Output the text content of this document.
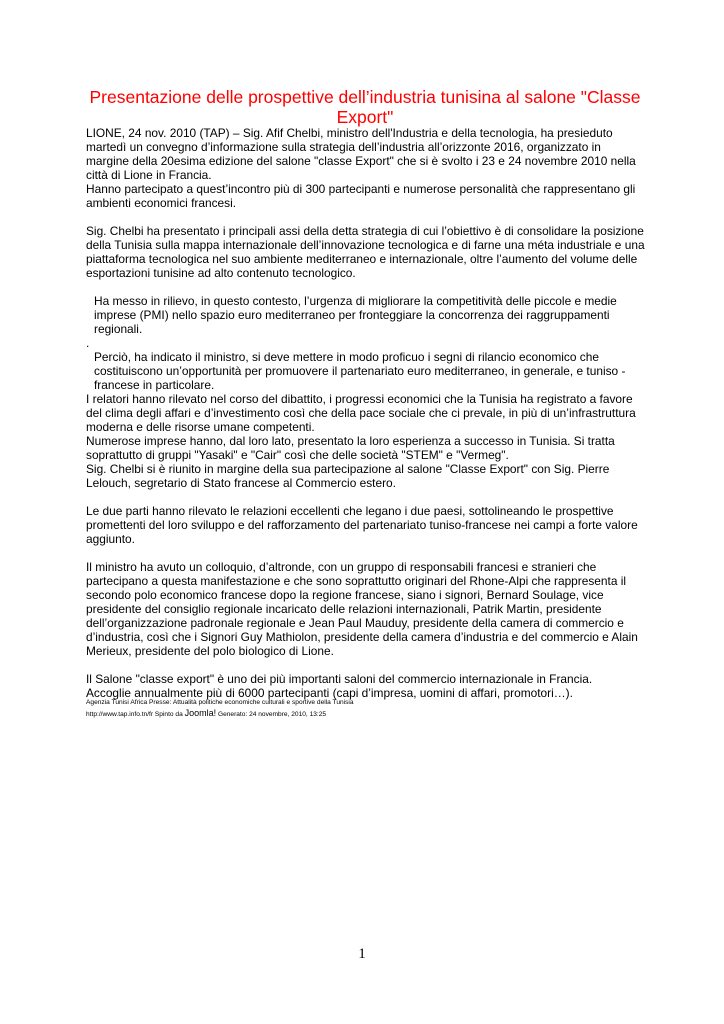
Presentazione delle prospettive dell’industria tunisina al salone "Classe Export"

LIONE, 24 nov. 2010 (TAP) – Sig. Afif Chelbi, ministro dell'Industria e della tecnologia, ha presieduto martedì un convegno d’informazione sulla strategia dell’industria all’orizzonte 2016, organizzato in margine della 20esima edizione del salone "classe Export" che si è svolto i 23 e 24 novembre 2010 nella città di Lione in Francia.

Hanno partecipato a quest’incontro più di 300 partecipanti e numerose personalità che rappresentano gli ambienti economici francesi.

Sig. Chelbi ha presentato i principali assi della detta strategia di cui l’obiettivo è di consolidare la posizione della Tunisia sulla mappa internazionale dell’innovazione tecnologica e di farne una méta industriale e una piattaforma tecnologica nel suo ambiente mediterraneo e internazionale, oltre l’aumento del volume delle esportazioni tunisine ad alto contenuto tecnologico.

Ha messo in rilievo, in questo contesto, l’urgenza di migliorare la competitività delle piccole e medie imprese (PMI) nello spazio euro mediterraneo per fronteggiare la concorrenza dei raggruppamenti regionali.

.

Perciò, ha indicato il ministro, si deve mettere in modo proficuo i segni di rilancio economico che costituiscono un’opportunità per promuovere il partenariato euro mediterraneo, in generale, e tuniso - francese in particolare.

I relatori hanno rilevato nel corso del dibattito, i progressi economici che la Tunisia ha registrato a favore del clima degli affari e d’investimento così che della pace sociale che ci prevale, in più di un’infrastruttura moderna e delle risorse umane competenti.

Numerose imprese hanno, dal loro lato, presentato la loro esperienza a successo in Tunisia. Si tratta soprattutto di gruppi "Yasaki" e "Cair" così che delle società "STEM" e "Vermeg".

Sig. Chelbi si è riunito in margine della sua partecipazione al salone "Classe Export" con Sig. Pierre Lelouch, segretario di Stato francese al Commercio estero.

Le due parti hanno rilevato le relazioni eccellenti che legano i due paesi, sottolineando le prospettive promettenti del loro sviluppo e del rafforzamento del partenariato tuniso-francese nei campi a forte valore aggiunto.

Il ministro ha avuto un colloquio, d’altronde, con un gruppo di responsabili francesi e stranieri che partecipano a questa manifestazione e che sono soprattutto originari del Rhone-Alpi che rappresenta il secondo polo economico francese dopo la regione francese, siano i signori, Bernard Soulage, vice presidente del consiglio regionale incaricato delle relazioni internazionali, Patrik Martin, presidente dell’organizzazione padronale regionale e Jean Paul Mauduy, presidente della camera di commercio e d’industria, così che i Signori Guy Mathiolon, presidente della camera d’industria e del commercio e Alain Merieux, presidente del polo biologico di Lione.

Il Salone "classe export" è uno dei più importanti saloni del commercio internazionale in Francia.

Accoglie annualmente più di 6000 partecipanti (capi d’impresa, uomini di affari, promotori…).

Agenzia Tunisi Africa Presse: Attualità politiche economiche culturali e sportive della Tunisia
http://www.tap.info.tn/fr Spinto da Joomla! Generato: 24 novembre, 2010, 13:25
1
